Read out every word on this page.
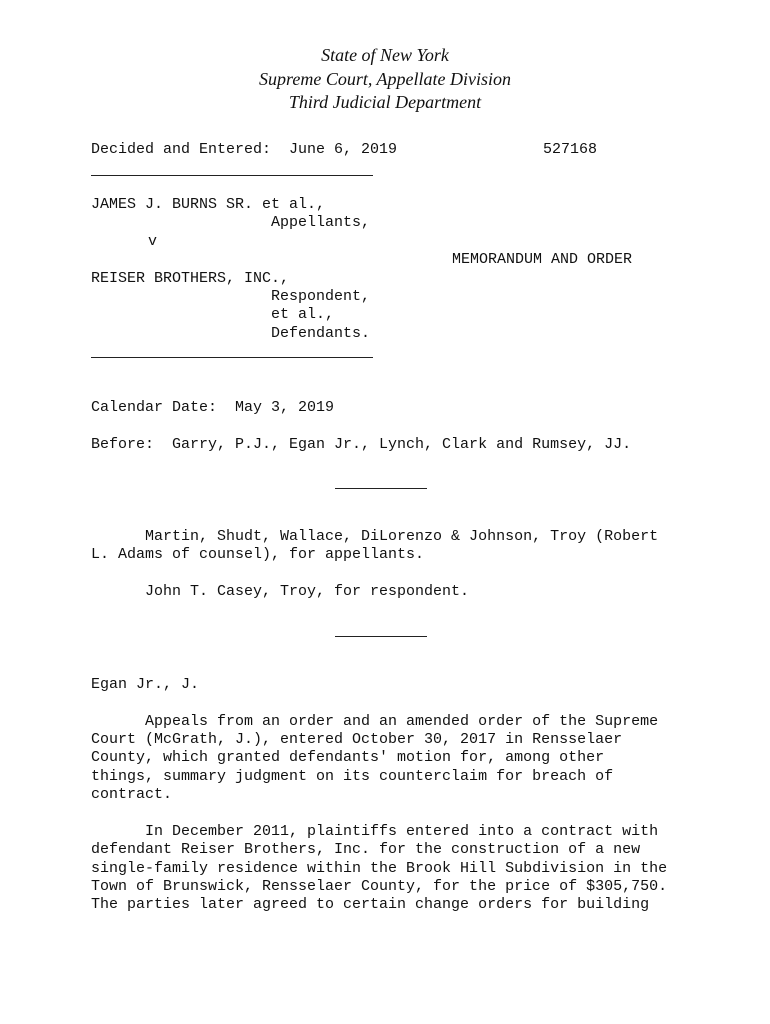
State of New York
Supreme Court, Appellate Division
Third Judicial Department
Decided and Entered:  June 6, 2019	527168
JAMES J. BURNS SR. et al.,
Appellants,
v
MEMORANDUM AND ORDER
REISER BROTHERS, INC.,
Respondent,
et al.,
Defendants.
Calendar Date:  May 3, 2019
Before:  Garry, P.J., Egan Jr., Lynch, Clark and Rumsey, JJ.
Martin, Shudt, Wallace, DiLorenzo & Johnson, Troy (Robert
L. Adams of counsel), for appellants.
John T. Casey, Troy, for respondent.
Egan Jr., J.
Appeals from an order and an amended order of the Supreme
Court (McGrath, J.), entered October 30, 2017 in Rensselaer
County, which granted defendants' motion for, among other
things, summary judgment on its counterclaim for breach of
contract.
In December 2011, plaintiffs entered into a contract with
defendant Reiser Brothers, Inc. for the construction of a new
single-family residence within the Brook Hill Subdivision in the
Town of Brunswick, Rensselaer County, for the price of $305,750.
The parties later agreed to certain change orders for building
